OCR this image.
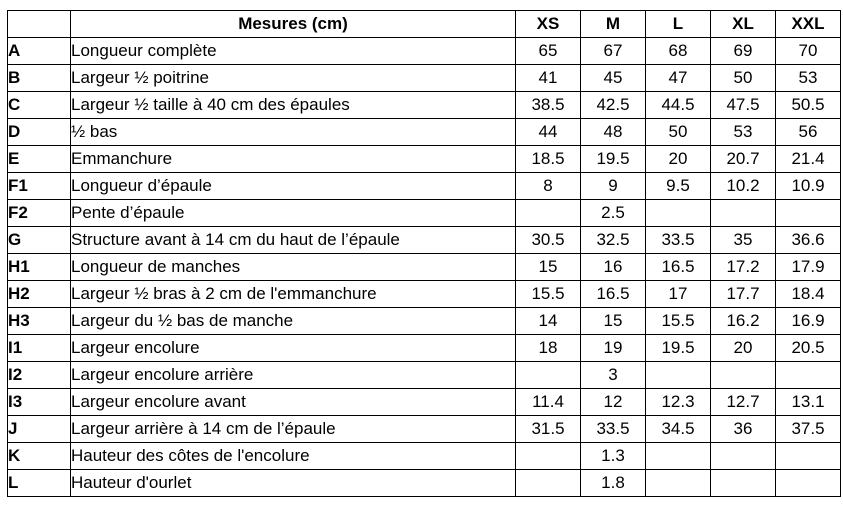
	Mesures (cm)	XS	M	L	XL	XXL
A	Longueur complète	65	67	68	69	70
B	Largeur ½ poitrine	41	45	47	50	53
C	Largeur ½ taille à 40 cm des épaules	38.5	42.5	44.5	47.5	50.5
D	½ bas	44	48	50	53	56
E	Emmanchure	18.5	19.5	20	20.7	21.4
F1	Longueur d’épaule	8	9	9.5	10.2	10.9
F2	Pente d’épaule		2.5			
G	Structure avant à 14 cm du haut de l’épaule	30.5	32.5	33.5	35	36.6
H1	Longueur de manches	15	16	16.5	17.2	17.9
H2	Largeur ½ bras à 2 cm de l'emmanchure	15.5	16.5	17	17.7	18.4
H3	Largeur du ½ bas de manche	14	15	15.5	16.2	16.9
I1	Largeur encolure	18	19	19.5	20	20.5
I2	Largeur encolure arrière		3			
I3	Largeur encolure avant	11.4	12	12.3	12.7	13.1
J	Largeur arrière à 14 cm de l’épaule	31.5	33.5	34.5	36	37.5
K	Hauteur des côtes de l'encolure		1.3			
L	Hauteur d'ourlet		1.8			
